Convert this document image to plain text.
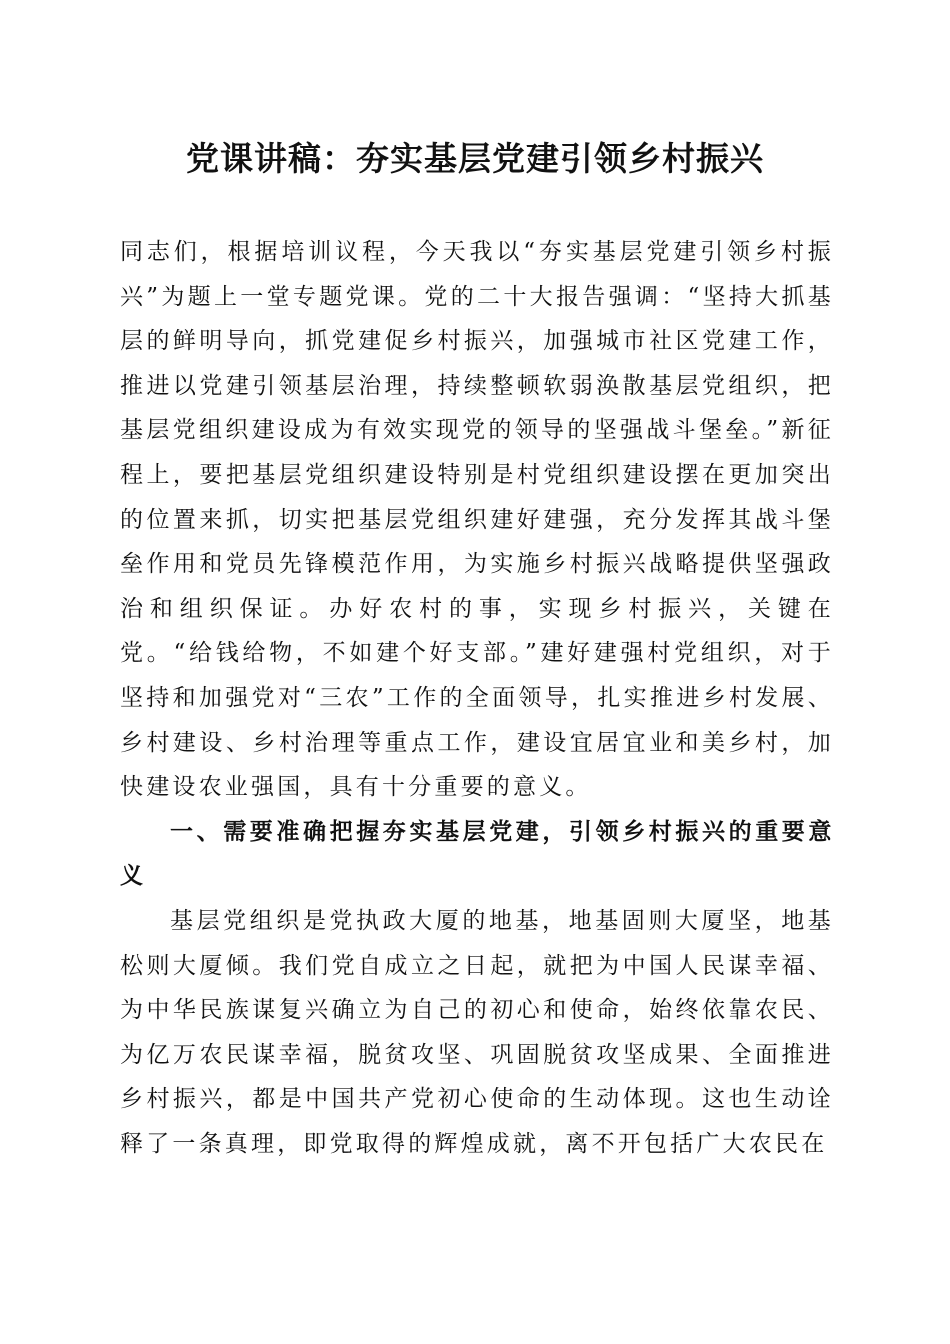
党课讲稿：夯实基层党建引领乡村振兴

同志们，根据培训议程，今天我以“夯实基层党建引领乡村振兴”为题上一堂专题党课。党的二十大报告强调：“坚持大抓基层的鲜明导向，抓党建促乡村振兴，加强城市社区党建工作，推进以党建引领基层治理，持续整顿软弱涣散基层党组织，把基层党组织建设成为有效实现党的领导的坚强战斗堡垒。”新征程上，要把基层党组织建设特别是村党组织建设摆在更加突出的位置来抓，切实把基层党组织建好建强，充分发挥其战斗堡垒作用和党员先锋模范作用，为实施乡村振兴战略提供坚强政治和组织保证。办好农村的事，实现乡村振兴，关键在党。“给钱给物，不如建个好支部。”建好建强村党组织，对于坚持和加强党对“三农”工作的全面领导，扎实推进乡村发展、乡村建设、乡村治理等重点工作，建设宜居宜业和美乡村，加快建设农业强国，具有十分重要的意义。

一、需要准确把握夯实基层党建，引领乡村振兴的重要意义

基层党组织是党执政大厦的地基，地基固则大厦坚，地基松则大厦倾。我们党自成立之日起，就把为中国人民谋幸福、为中华民族谋复兴确立为自己的初心和使命，始终依靠农民、为亿万农民谋幸福，脱贫攻坚、巩固脱贫攻坚成果、全面推进乡村振兴，都是中国共产党初心使命的生动体现。这也生动诠释了一条真理，即党取得的辉煌成就，离不开包括广大农民在
